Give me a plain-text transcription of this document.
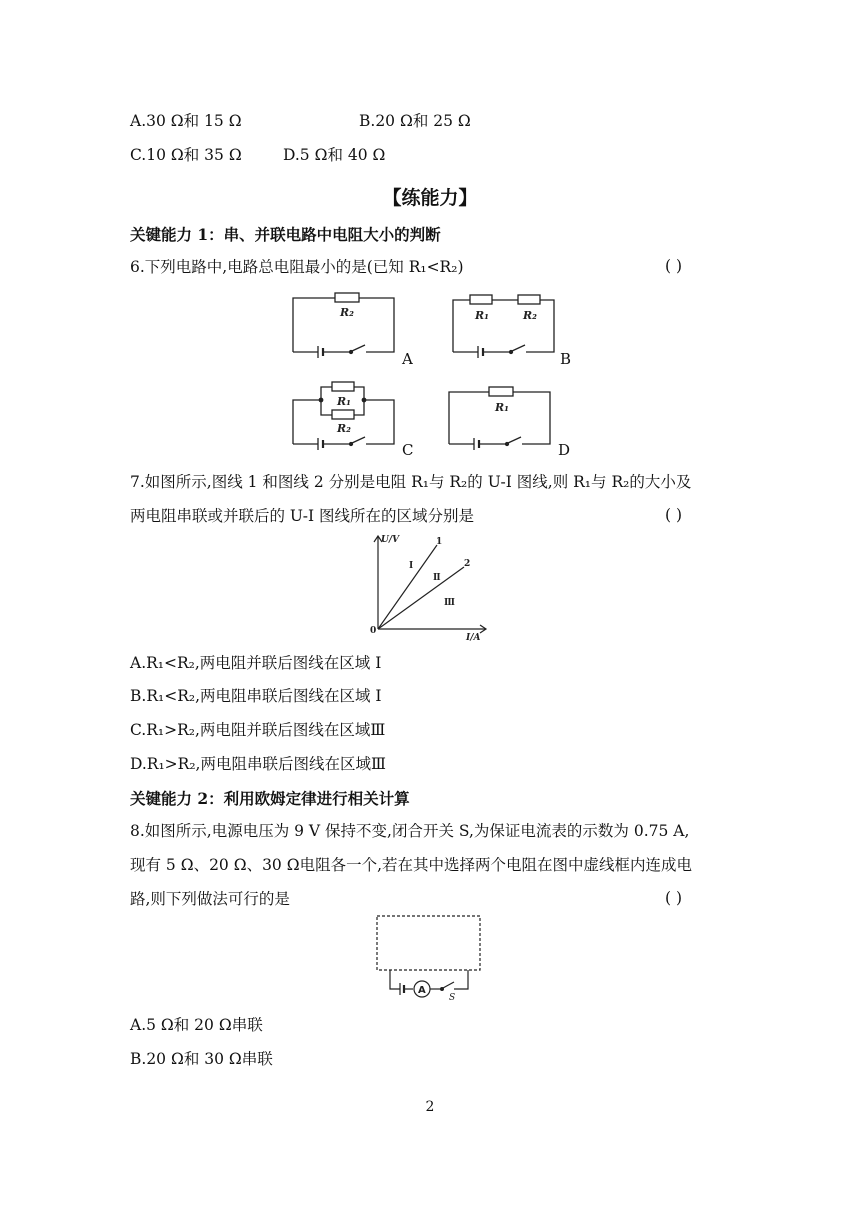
A.30 Ω和 15 Ω	B.20 Ω和 25 Ω
C.10 Ω和 35 Ω	D.5 Ω和 40 Ω
【练能力】
关键能力 1：串、并联电路中电阻大小的判断
6.下列电路中,电路总电阻最小的是(已知 R₁<R₂)	( )
R₂
A
R₁	R₂
B
R₁
R₂
C
R₁
D
7.如图所示,图线 1 和图线 2 分别是电阻 R₁与 R₂的 U-I 图线,则 R₁与 R₂的大小及
两电阻串联或并联后的 U-I 图线所在的区域分别是	( )
U/V
I/A
0
1
2
Ⅰ
Ⅱ
Ⅲ
A.R₁<R₂,两电阻并联后图线在区域 Ⅰ
B.R₁<R₂,两电阻串联后图线在区域 Ⅰ
C.R₁>R₂,两电阻并联后图线在区域Ⅲ
D.R₁>R₂,两电阻串联后图线在区域Ⅲ
关键能力 2：利用欧姆定律进行相关计算
8.如图所示,电源电压为 9 V 保持不变,闭合开关 S,为保证电流表的示数为 0.75 A,
现有 5 Ω、20 Ω、30 Ω电阻各一个,若在其中选择两个电阻在图中虚线框内连成电
路,则下列做法可行的是	( )
A
S
A.5 Ω和 20 Ω串联
B.20 Ω和 30 Ω串联
2
